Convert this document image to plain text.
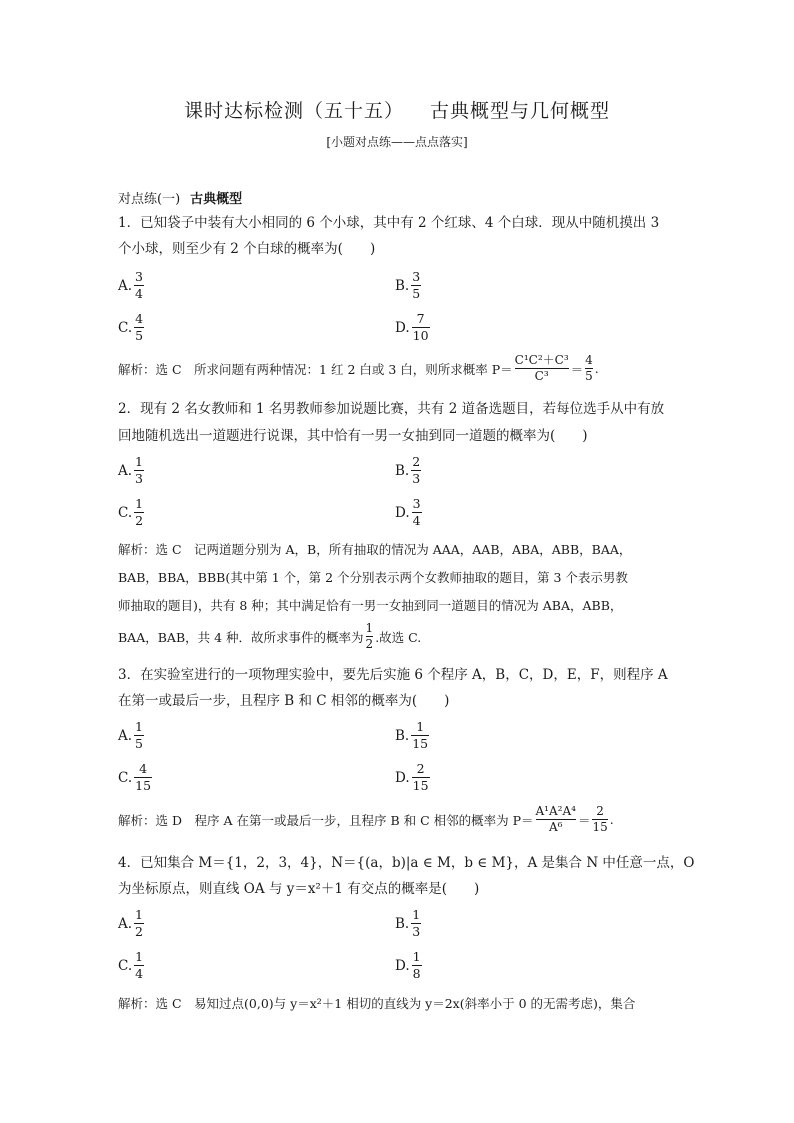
课时达标检测（五十五） 古典概型与几何概型
[小题对点练——点点落实]
对点练(一) 古典概型
1．已知袋子中装有大小相同的 6 个小球，其中有 2 个红球、4 个白球．现从中随机摸出 3
个小球，则至少有 2 个白球的概率为(　　)
A. $\frac{3}{4}$	B. $\frac{3}{5}$
C. $\frac{4}{5}$	D. $\frac{7}{10}$
解析：选 C　所求问题有两种情况：1 红 2 白或 3 白，则所求概率 $P= \frac{\text{C¹C²＋C³}}{\text{C³}} = \frac{4}{5}$ .
2．现有 2 名女教师和 1 名男教师参加说题比赛，共有 2 道备选题目，若每位选手从中有放
回地随机选出一道题进行说课，其中恰有一男一女抽到同一道题的概率为(　　)
A. $\frac{1}{3}$	B. $\frac{2}{3}$
C. $\frac{1}{2}$	D. $\frac{3}{4}$
解析：选 C　记两道题分别为 A，B，所有抽取的情况为 AAA，AAB，ABA，ABB，BAA，
BAB，BBA，BBB(其中第 1 个，第 2 个分别表示两个女教师抽取的题目，第 3 个表示男教
师抽取的题目)，共有 8 种；其中满足恰有一男一女抽到同一道题目的情况为 ABA，ABB，
BAA，BAB，共 4 种．故所求事件的概率为 $\frac{1}{2}$ .故选 C.
3．在实验室进行的一项物理实验中，要先后实施 6 个程序 A，B，C，D，E，F，则程序 A
在第一或最后一步，且程序 B 和 C 相邻的概率为(　　)
A. $\frac{1}{5}$	B. $\frac{1}{15}$
C. $\frac{4}{15}$	D. $\frac{2}{15}$
解析：选 D　程序 A 在第一或最后一步，且程序 B 和 C 相邻的概率为 $P= \frac{\text{A¹A²A⁴}}{\text{A⁶}} = \frac{2}{15}$ .
4．已知集合 M＝{1，2，3，4}，N＝{(a，b)|a ∈ M，b ∈ M}，A 是集合 N 中任意一点，O
为坐标原点，则直线 OA 与 y＝x²＋1 有交点的概率是(　　)
A. $\frac{1}{2}$	B. $\frac{1}{3}$
C. $\frac{1}{4}$	D. $\frac{1}{8}$
解析：选 C　易知过点(0,0)与 y＝x²＋1 相切的直线为 y＝2x(斜率小于 0 的无需考虑)，集合
